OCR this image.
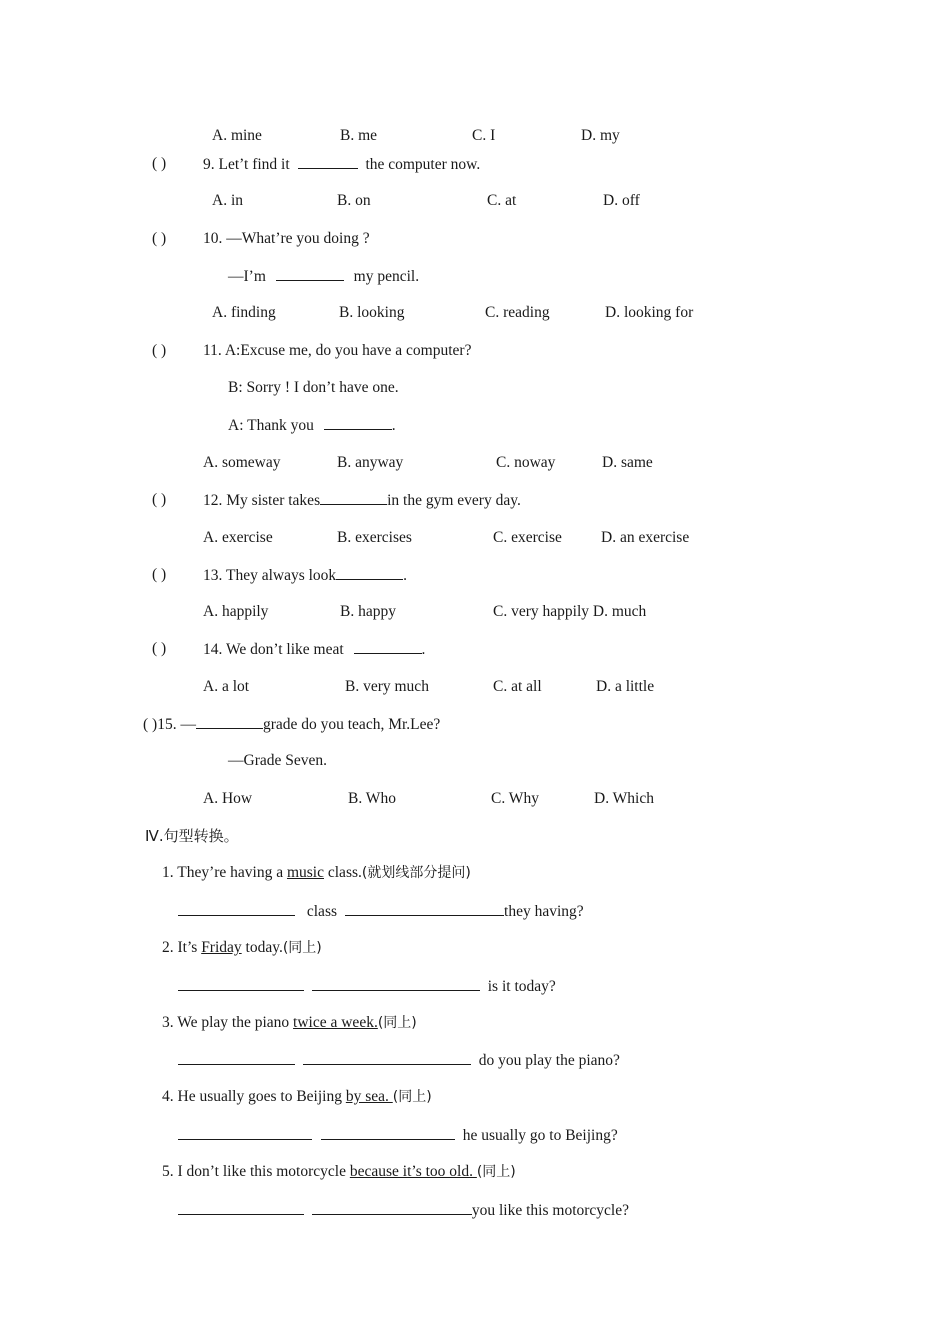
A. mine	B. me	C. I	D. my
( ) 9. Let’t find it	the computer now.
A. in	B. on	C. at	D. off
( ) 10. —What’re you doing ?
—I’m	my pencil.
A. finding	B. looking	C. reading	D. looking for
( ) 11. A:Excuse me, do you have a computer?
B: Sorry ! I don’t have one.
A: Thank you	.
A. someway	B. anyway	C. noway	D. same
( ) 12. My sister takes	in the gym every day.
A. exercise	B. exercises	C. exercise	D. an exercise
( ) 13. They always look	.
A. happily	B. happy	C. very happily D. much
( ) 14. We don’t like meat	.
A. a lot	B. very much	C. at all	D. a little
( )15. —	grade do you teach, Mr.Lee?
—Grade Seven.
A. How	B. Who	C. Why	D. Which
Ⅳ.句型转换。
1. They’re having a music class.(就划线部分提问)
class	they having?
2. It’s Friday today.(同上)
is it today?
3. We play the piano twice a week.(同上)
do you play the piano?
4. He usually goes to Beijing by sea. (同上)
he usually go to Beijing?
5. I don’t like this motorcycle because it’s too old. (同上)
you like this motorcycle?
